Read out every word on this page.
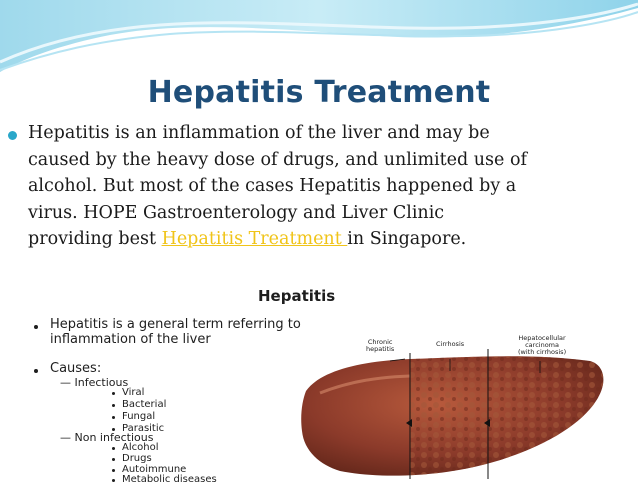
Hepatitis Treatment
Hepatitis is an inflammation of the liver and may be
caused by the heavy dose of drugs, and unlimited use of
alcohol. But most of the cases Hepatitis happened by a
virus. HOPE Gastroenterology and Liver Clinic
providing best Hepatitis Treatment in Singapore.
Hepatitis
Hepatitis is a general term referring to
inflammation of the liver
Causes:
— Infectious
Viral
Bacterial
Fungal
Parasitic
— Non infectious
Alcohol
Drugs
Autoimmune
Metabolic diseases
Chronic
hepatitis
Cirrhosis
Hepatocellular
carcinoma
(with cirrhosis)
